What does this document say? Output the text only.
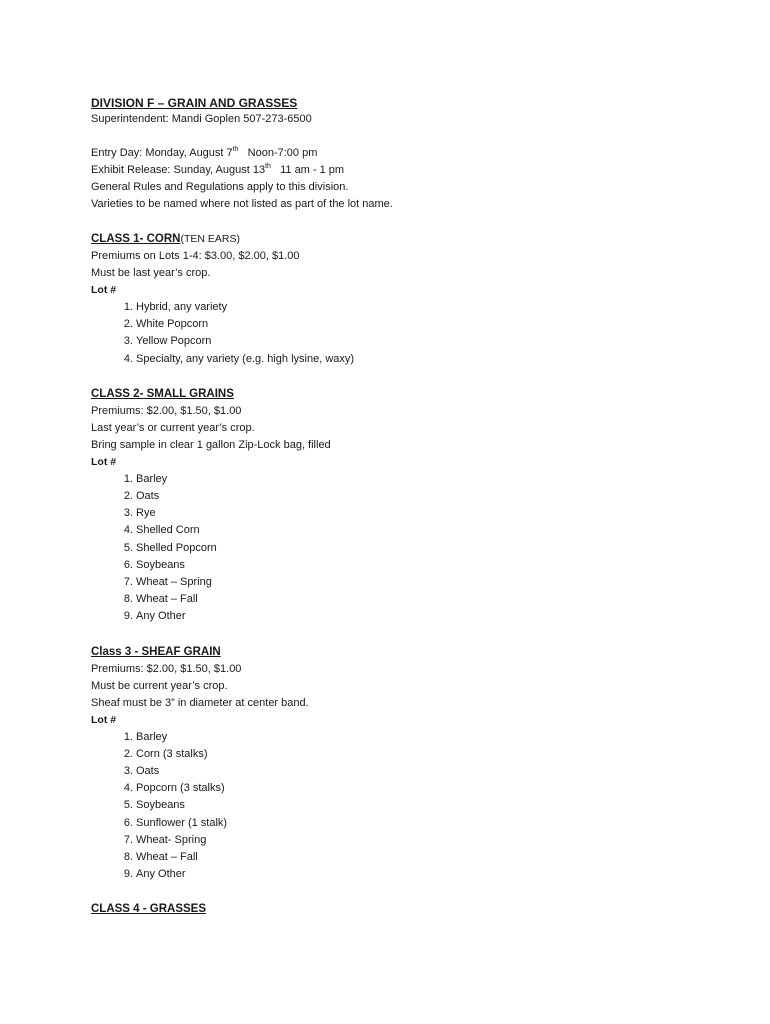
DIVISION F – GRAIN AND GRASSES

Superintendent: Mandi Goplen 507-273-6500

Entry Day: Monday, August 7th Noon-7:00 pm

Exhibit Release: Sunday, August 13th 11 am - 1 pm

General Rules and Regulations apply to this division.

Varieties to be named where not listed as part of the lot name.

CLASS 1- CORN(TEN EARS)

Premiums on Lots 1-4: $3.00, $2.00, $1.00

Must be last year’s crop.

Lot #

1. Hybrid, any variety
2. White Popcorn
3. Yellow Popcorn
4. Specialty, any variety (e.g. high lysine, waxy)

CLASS 2- SMALL GRAINS

Premiums: $2.00, $1.50, $1.00

Last year’s or current year’s crop.

Bring sample in clear 1 gallon Zip-Lock bag, filled

Lot #

1. Barley
2. Oats
3. Rye
4. Shelled Corn
5. Shelled Popcorn
6. Soybeans
7. Wheat – Spring
8. Wheat – Fall
9. Any Other

Class 3 - SHEAF GRAIN

Premiums: $2.00, $1.50, $1.00

Must be current year’s crop.

Sheaf must be 3” in diameter at center band.

Lot #

1. Barley
2. Corn (3 stalks)
3. Oats
4. Popcorn (3 stalks)
5. Soybeans
6. Sunflower (1 stalk)
7. Wheat- Spring
8. Wheat – Fall
9. Any Other

CLASS 4 - GRASSES
